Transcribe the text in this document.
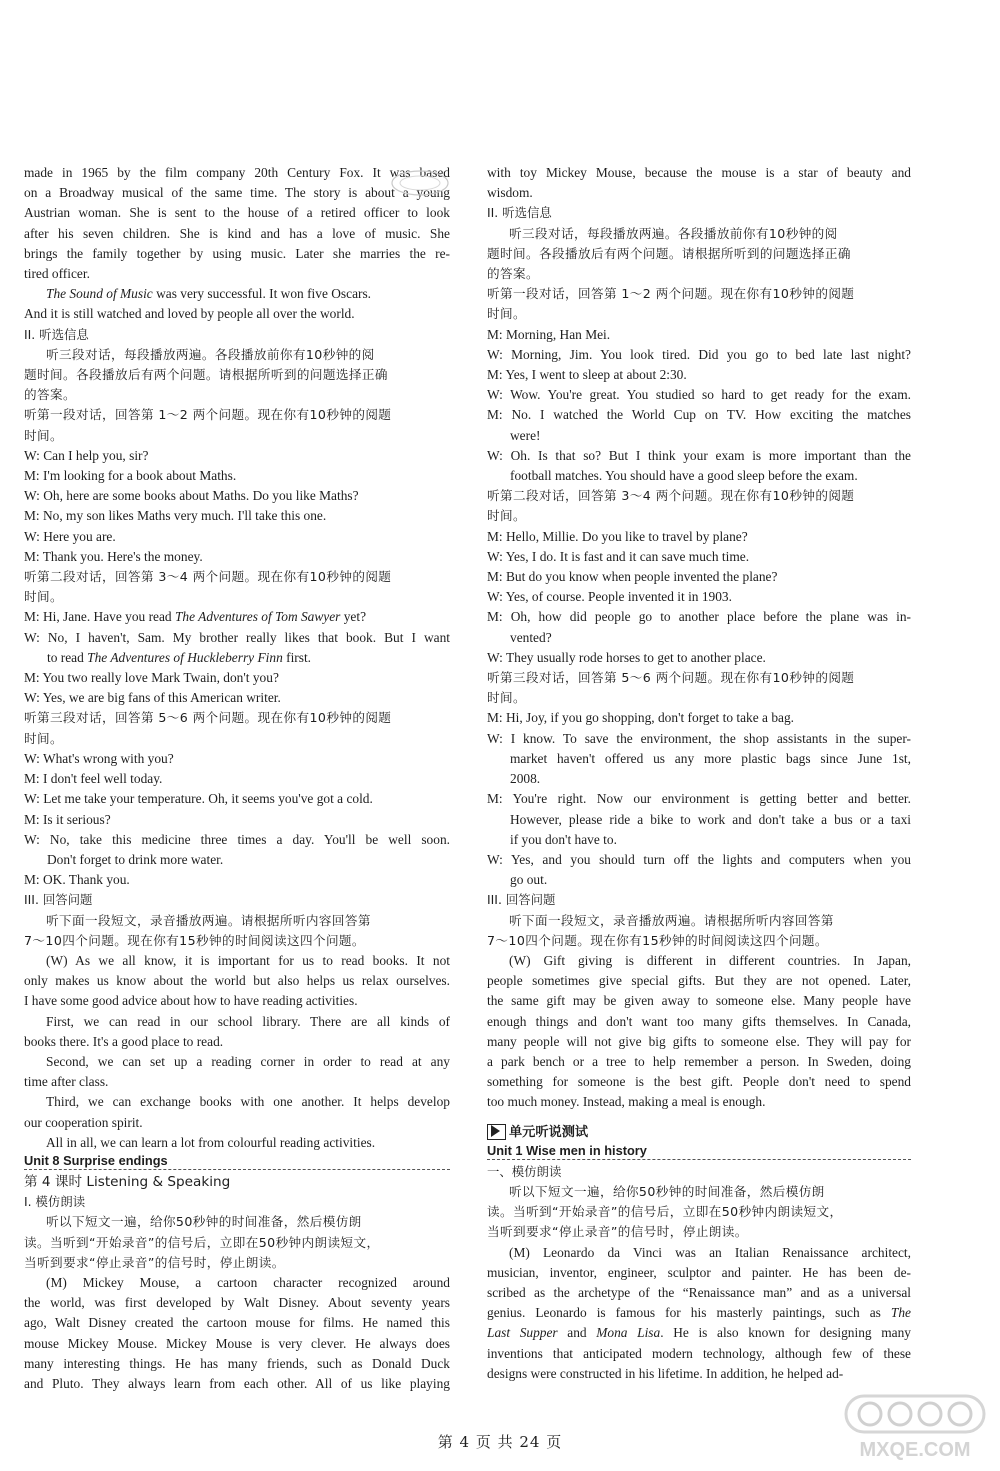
made in 1965 by the film company 20th Century Fox. It was based
on a Broadway musical of the same time. The story is about a young
Austrian woman. She is sent to the house of a retired officer to look
after his seven children. She is kind and has a love of music. She
brings the family together by using music. Later she marries the re-
tired officer.
The Sound of Music was very successful. It won five Oscars.
And it is still watched and loved by people all over the world.
II. 听选信息
听三段对话，每段播放两遍。各段播放前你有10秒钟的阅
题时间。各段播放后有两个问题。请根据所听到的问题选择正确
的答案。
听第一段对话，回答第 1～2 两个问题。现在你有10秒钟的阅题
时间。
W: Can I help you, sir?
M: I'm looking for a book about Maths.
W: Oh, here are some books about Maths. Do you like Maths?
M: No, my son likes Maths very much. I'll take this one.
W: Here you are.
M: Thank you. Here's the money.
听第二段对话，回答第 3～4 两个问题。现在你有10秒钟的阅题
时间。
M: Hi, Jane. Have you read The Adventures of Tom Sawyer yet?
W: No, I haven't, Sam. My brother really likes that book. But I want
to read The Adventures of Huckleberry Finn first.
M: You two really love Mark Twain, don't you?
W: Yes, we are big fans of this American writer.
听第三段对话，回答第 5～6 两个问题。现在你有10秒钟的阅题
时间。
W: What's wrong with you?
M: I don't feel well today.
W: Let me take your temperature. Oh, it seems you've got a cold.
M: Is it serious?
W: No, take this medicine three times a day. You'll be well soon.
Don't forget to drink more water.
M: OK. Thank you.
III. 回答问题
听下面一段短文，录音播放两遍。请根据所听内容回答第
7～10四个问题。现在你有15秒钟的时间阅读这四个问题。
(W) As we all know, it is important for us to read books. It not
only makes us know about the world but also helps us relax ourselves.
I have some good advice about how to have reading activities.
First, we can read in our school library. There are all kinds of
books there. It's a good place to read.
Second, we can set up a reading corner in order to read at any
time after class.
Third, we can exchange books with one another. It helps develop
our cooperation spirit.
All in all, we can learn a lot from colourful reading activities.
Unit 8 Surprise endings
第 4 课时 Listening & Speaking
I. 模仿朗读
听以下短文一遍，给你50秒钟的时间准备，然后模仿朗
读。当听到“开始录音”的信号后，立即在50秒钟内朗读短文，
当听到要求“停止录音”的信号时，停止朗读。
(M) Mickey Mouse, a cartoon character recognized around
the world, was first developed by Walt Disney. About seventy years
ago, Walt Disney created the cartoon mouse for films. He named this
mouse Mickey Mouse. Mickey Mouse is very clever. He always does
many interesting things. He has many friends, such as Donald Duck
and Pluto. They always learn from each other. All of us like playing
with toy Mickey Mouse, because the mouse is a star of beauty and
wisdom.
II. 听选信息
听三段对话，每段播放两遍。各段播放前你有10秒钟的阅
题时间。各段播放后有两个问题。请根据所听到的问题选择正确
的答案。
听第一段对话，回答第 1～2 两个问题。现在你有10秒钟的阅题
时间。
M: Morning, Han Mei.
W: Morning, Jim. You look tired. Did you go to bed late last night?
M: Yes, I went to sleep at about 2:30.
W: Wow. You're great. You studied so hard to get ready for the exam.
M: No. I watched the World Cup on TV. How exciting the matches
were!
W: Oh. Is that so? But I think your exam is more important than the
football matches. You should have a good sleep before the exam.
听第二段对话，回答第 3～4 两个问题。现在你有10秒钟的阅题
时间。
M: Hello, Millie. Do you like to travel by plane?
W: Yes, I do. It is fast and it can save much time.
M: But do you know when people invented the plane?
W: Yes, of course. People invented it in 1903.
M: Oh, how did people go to another place before the plane was in-
vented?
W: They usually rode horses to get to another place.
听第三段对话，回答第 5～6 两个问题。现在你有10秒钟的阅题
时间。
M: Hi, Joy, if you go shopping, don't forget to take a bag.
W: I know. To save the environment, the shop assistants in the super-
market haven't offered us any more plastic bags since June 1st,
2008.
M: You're right. Now our environment is getting better and better.
However, please ride a bike to work and don't take a bus or a taxi
if you don't have to.
W: Yes, and you should turn off the lights and computers when you
go out.
III. 回答问题
听下面一段短文，录音播放两遍。请根据所听内容回答第
7～10四个问题。现在你有15秒钟的时间阅读这四个问题。
(W) Gift giving is different in different countries. In Japan,
people sometimes give special gifts. But they are not opened. Later,
the same gift may be given away to someone else. Many people have
enough things and don't want too many gifts themselves. In Canada,
many people will not give big gifts to someone else. They will pay for
a park bench or a tree to help remember a person. In Sweden, doing
something for someone is the best gift. People don't need to spend
too much money. Instead, making a meal is enough.
单元听说测试
Unit 1 Wise men in history
一、模仿朗读
听以下短文一遍，给你50秒钟的时间准备，然后模仿朗
读。当听到“开始录音”的信号后，立即在50秒钟内朗读短文，
当听到要求“停止录音”的信号时，停止朗读。
(M) Leonardo da Vinci was an Italian Renaissance architect,
musician, inventor, engineer, sculptor and painter. He has been de-
scribed as the archetype of the “Renaissance man” and as a universal
genius. Leonardo is famous for his masterly paintings, such as The
Last Supper and Mona Lisa. He is also known for designing many
inventions that anticipated modern technology, although few of these
designs were constructed in his lifetime. In addition, he helped ad-
MXQE.COM
第 4 页 共 24 页
